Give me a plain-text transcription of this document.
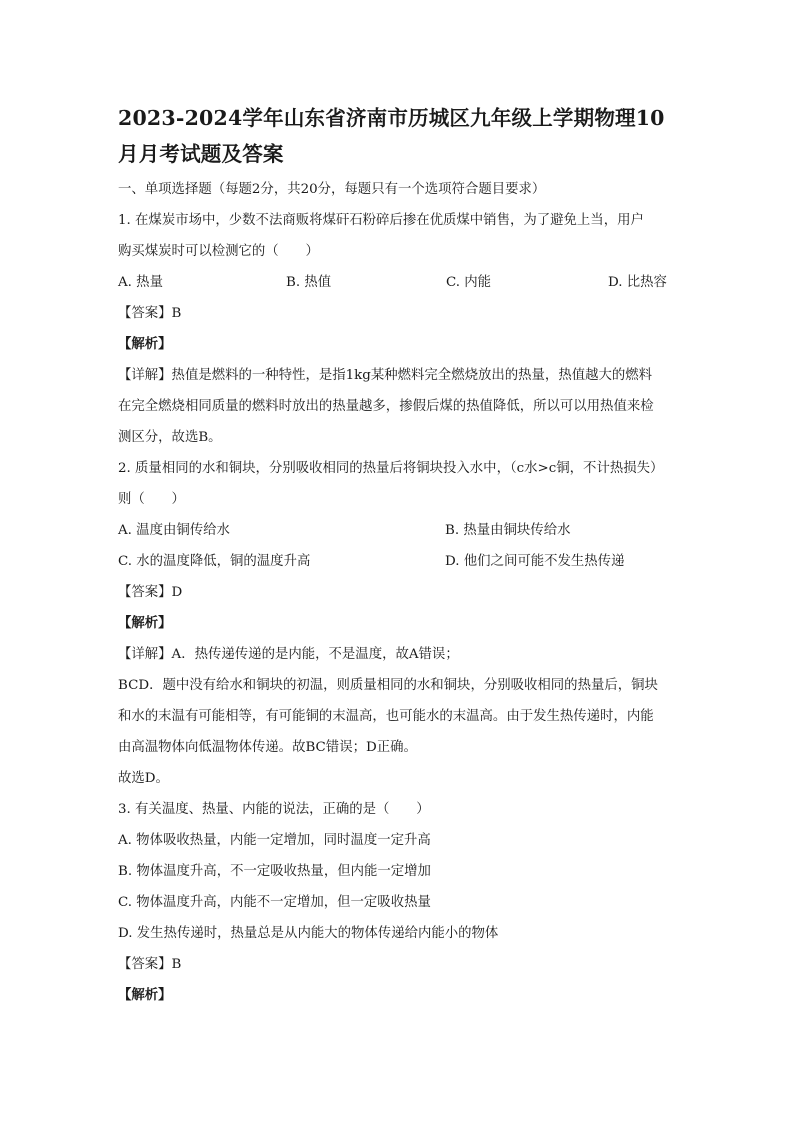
2023-2024学年山东省济南市历城区九年级上学期物理10
月月考试题及答案
一、单项选择题（每题2分，共20分，每题只有一个选项符合题目要求）
1. 在煤炭市场中，少数不法商贩将煤矸石粉碎后掺在优质煤中销售，为了避免上当，用户
购买煤炭时可以检测它的（　　）
A. 热量	B. 热值	C. 内能	D. 比热容
【答案】B
【解析】
【详解】热值是燃料的一种特性，是指1kg某种燃料完全燃烧放出的热量，热值越大的燃料
在完全燃烧相同质量的燃料时放出的热量越多，掺假后煤的热值降低，所以可以用热值来检
测区分，故选B。
2. 质量相同的水和铜块，分别吸收相同的热量后将铜块投入水中，（c水>c铜，不计热损失）
则（　　）
A. 温度由铜传给水	B. 热量由铜块传给水
C. 水的温度降低，铜的温度升高	D. 他们之间可能不发生热传递
【答案】D
【解析】
【详解】A．热传递传递的是内能，不是温度，故A错误；
BCD．题中没有给水和铜块的初温，则质量相同的水和铜块，分别吸收相同的热量后，铜块
和水的末温有可能相等，有可能铜的末温高，也可能水的末温高。由于发生热传递时，内能
由高温物体向低温物体传递。故BC错误；D正确。
故选D。
3. 有关温度、热量、内能的说法，正确的是（　　）
A. 物体吸收热量，内能一定增加，同时温度一定升高
B. 物体温度升高，不一定吸收热量，但内能一定增加
C. 物体温度升高，内能不一定增加，但一定吸收热量
D. 发生热传递时，热量总是从内能大的物体传递给内能小的物体
【答案】B
【解析】
